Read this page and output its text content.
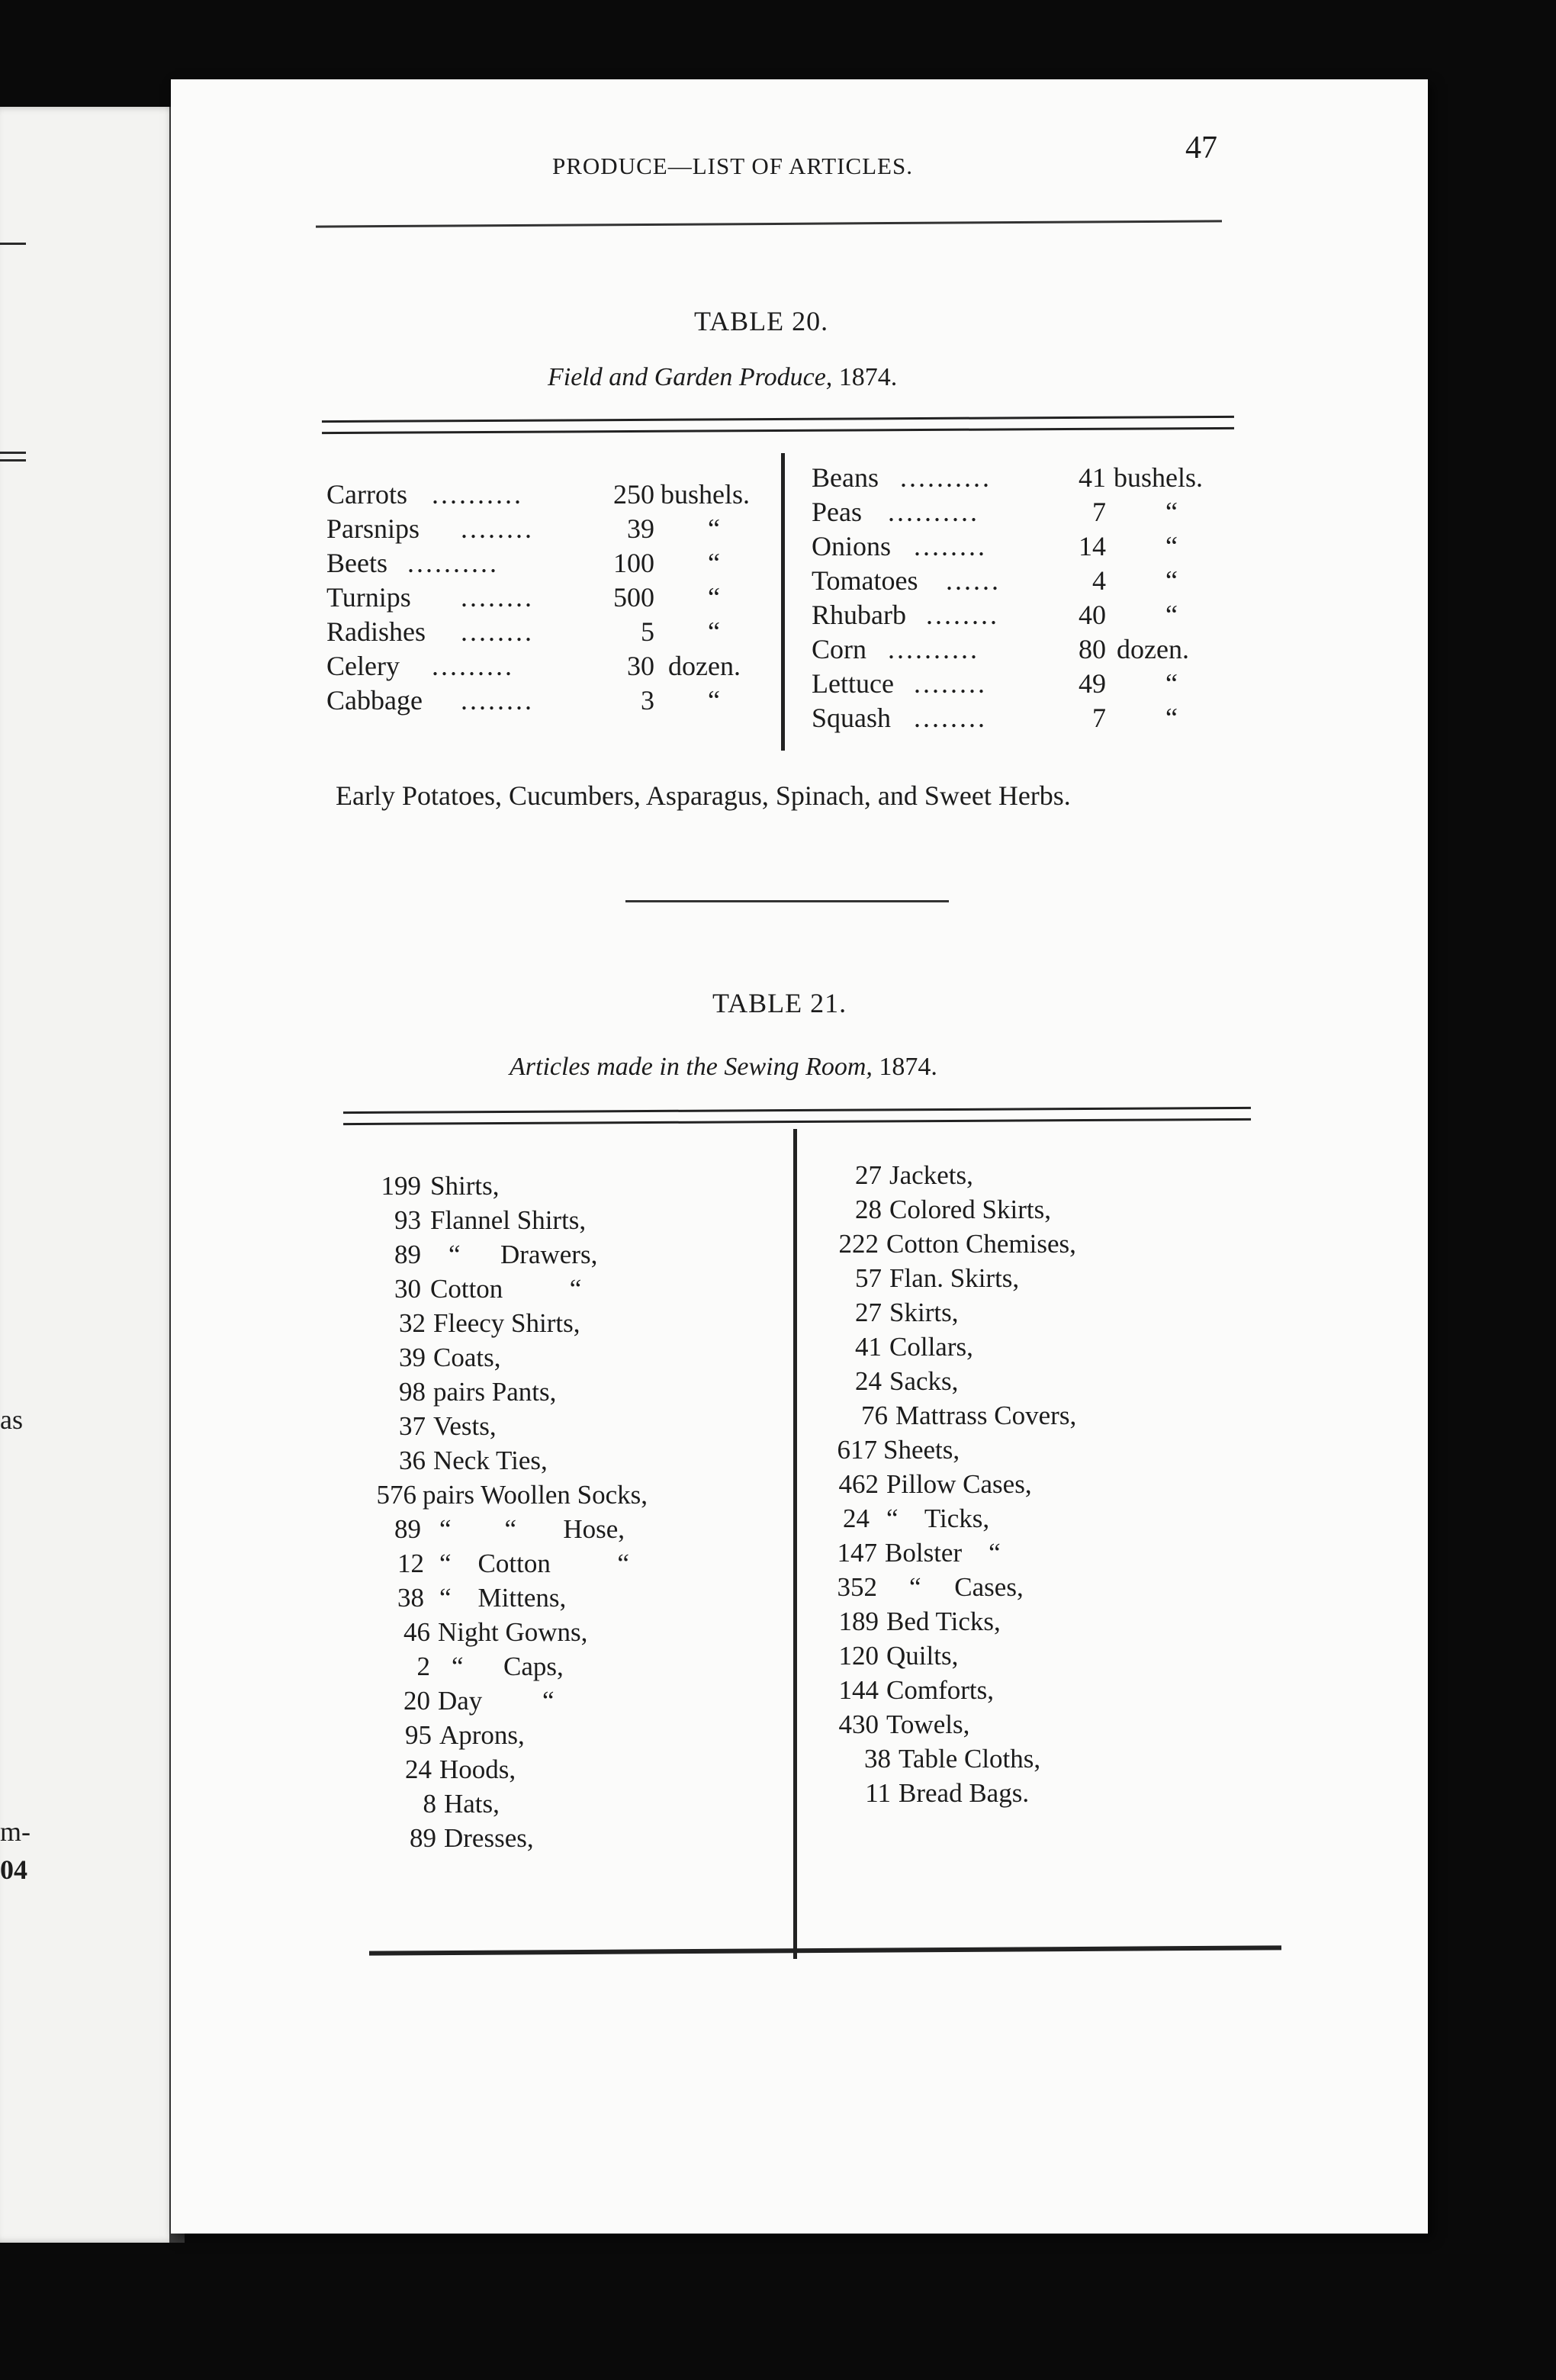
as
m-
04
PRODUCE—LIST OF ARTICLES.
47
TABLE 20.
Field and Garden Produce, 1874.
Carrots ..........	250 bushels.
Parsnips ........	39 “
Beets ..........	100 “
Turnips ........	500 “
Radishes ........	5 “
Celery .........	30 dozen.
Cabbage ........	3 “
Beans ..........	41 bushels.
Peas ..........	7 “
Onions ........	14 “
Tomatoes ......	4 “
Rhubarb ........	40 “
Corn ..........	80 dozen.
Lettuce ........	49 “
Squash ........	7 “
Early Potatoes, Cucumbers, Asparagus, Spinach, and Sweet Herbs.
TABLE 21.
Articles made in the Sewing Room, 1874.
199 Shirts,
93 Flannel Shirts,
89 “      Drawers,
30 Cotton          “
32 Fleecy Shirts,
39 Coats,
98 pairs Pants,
37 Vests,
36 Neck Ties,
576 pairs Woollen Socks,
89 “        “       Hose,
12 “    Cotton          “
38 “    Mittens,
46 Night Gowns,
2 “      Caps,
20 Day         “
95 Aprons,
24 Hoods,
8 Hats,
89 Dresses,
27 Jackets,
28 Colored Skirts,
222 Cotton Chemises,
57 Flan. Skirts,
27 Skirts,
41 Collars,
24 Sacks,
76 Mattrass Covers,
617 Sheets,
462 Pillow Cases,
24 “    Ticks,
147 Bolster    “
352 “     Cases,
189 Bed Ticks,
120 Quilts,
144 Comforts,
430 Towels,
38 Table Cloths,
11 Bread Bags.
